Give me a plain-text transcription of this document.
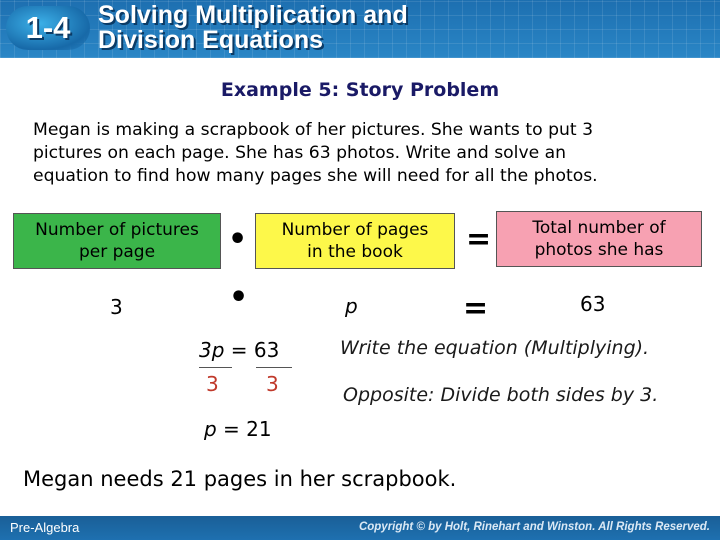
1-4	Solving Multiplication and
Division Equations
Example 5: Story Problem
Megan is making a scrapbook of her pictures. She wants to put 3
pictures on each page. She has 63 photos. Write and solve an
equation to find how many pages she will need for all the photos.
Number of pictures
per page	•	Number of pages
in the book	=	Total number of
photos she has
3	•	p	=	63
3p = 63	Write the equation (Multiplying).
3 3	Opposite: Divide both sides by 3.
p = 21
Megan needs 21 pages in her scrapbook.
Pre-Algebra	Copyright © by Holt, Rinehart and Winston. All Rights Reserved.
